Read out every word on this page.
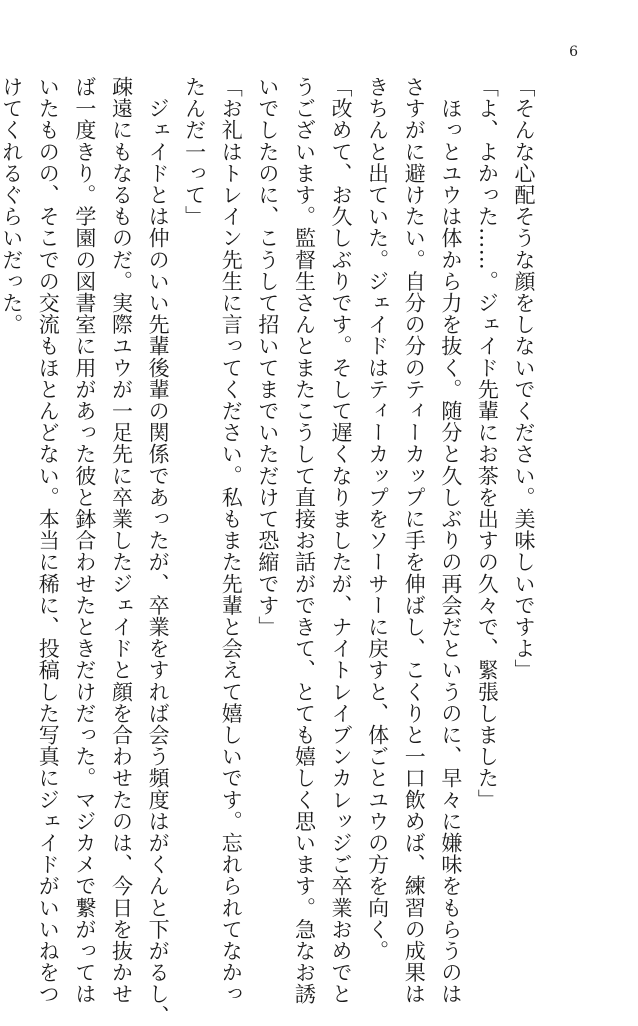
6
「そんな心配そうな顔をしないでください。美味しいですよ」
「よ、よかった……。ジェイド先輩にお茶を出すの久々で、緊張しました」
　ほっとユウは体から力を抜く。随分と久しぶりの再会だというのに、早々に嫌味をもらうのは
さすがに避けたい。自分の分のティーカップに手を伸ばし、こくりと一口飲めば、練習の成果は
きちんと出ていた。ジェイドはティーカップをソーサーに戻すと、体ごとユウの方を向く。
「改めて、お久しぶりです。そして遅くなりましたが、ナイトレイブンカレッジご卒業おめでと
うございます。監督生さんとまたこうして直接お話ができて、とても嬉しく思います。急なお誘
いでしたのに、こうして招いてまでいただけて恐縮です」
「お礼はトレイン先生に言ってください。私もまた先輩と会えて嬉しいです。忘れられてなかっ
たんだ一って」
　ジェイドとは仲のいい先輩後輩の関係であったが、卒業をすれば会う頻度はがくんと下がるし、
疎遠にもなるものだ。実際ユウが一足先に卒業したジェイドと顔を合わせたのは、今日を抜かせ
ば一度きり。学園の図書室に用があった彼と鉢合わせたときだけだった。マジカメで繋がっては
いたものの、そこでの交流もほとんどない。本当に稀に、投稿した写真にジェイドがいいねをつ
けてくれるぐらいだった。
